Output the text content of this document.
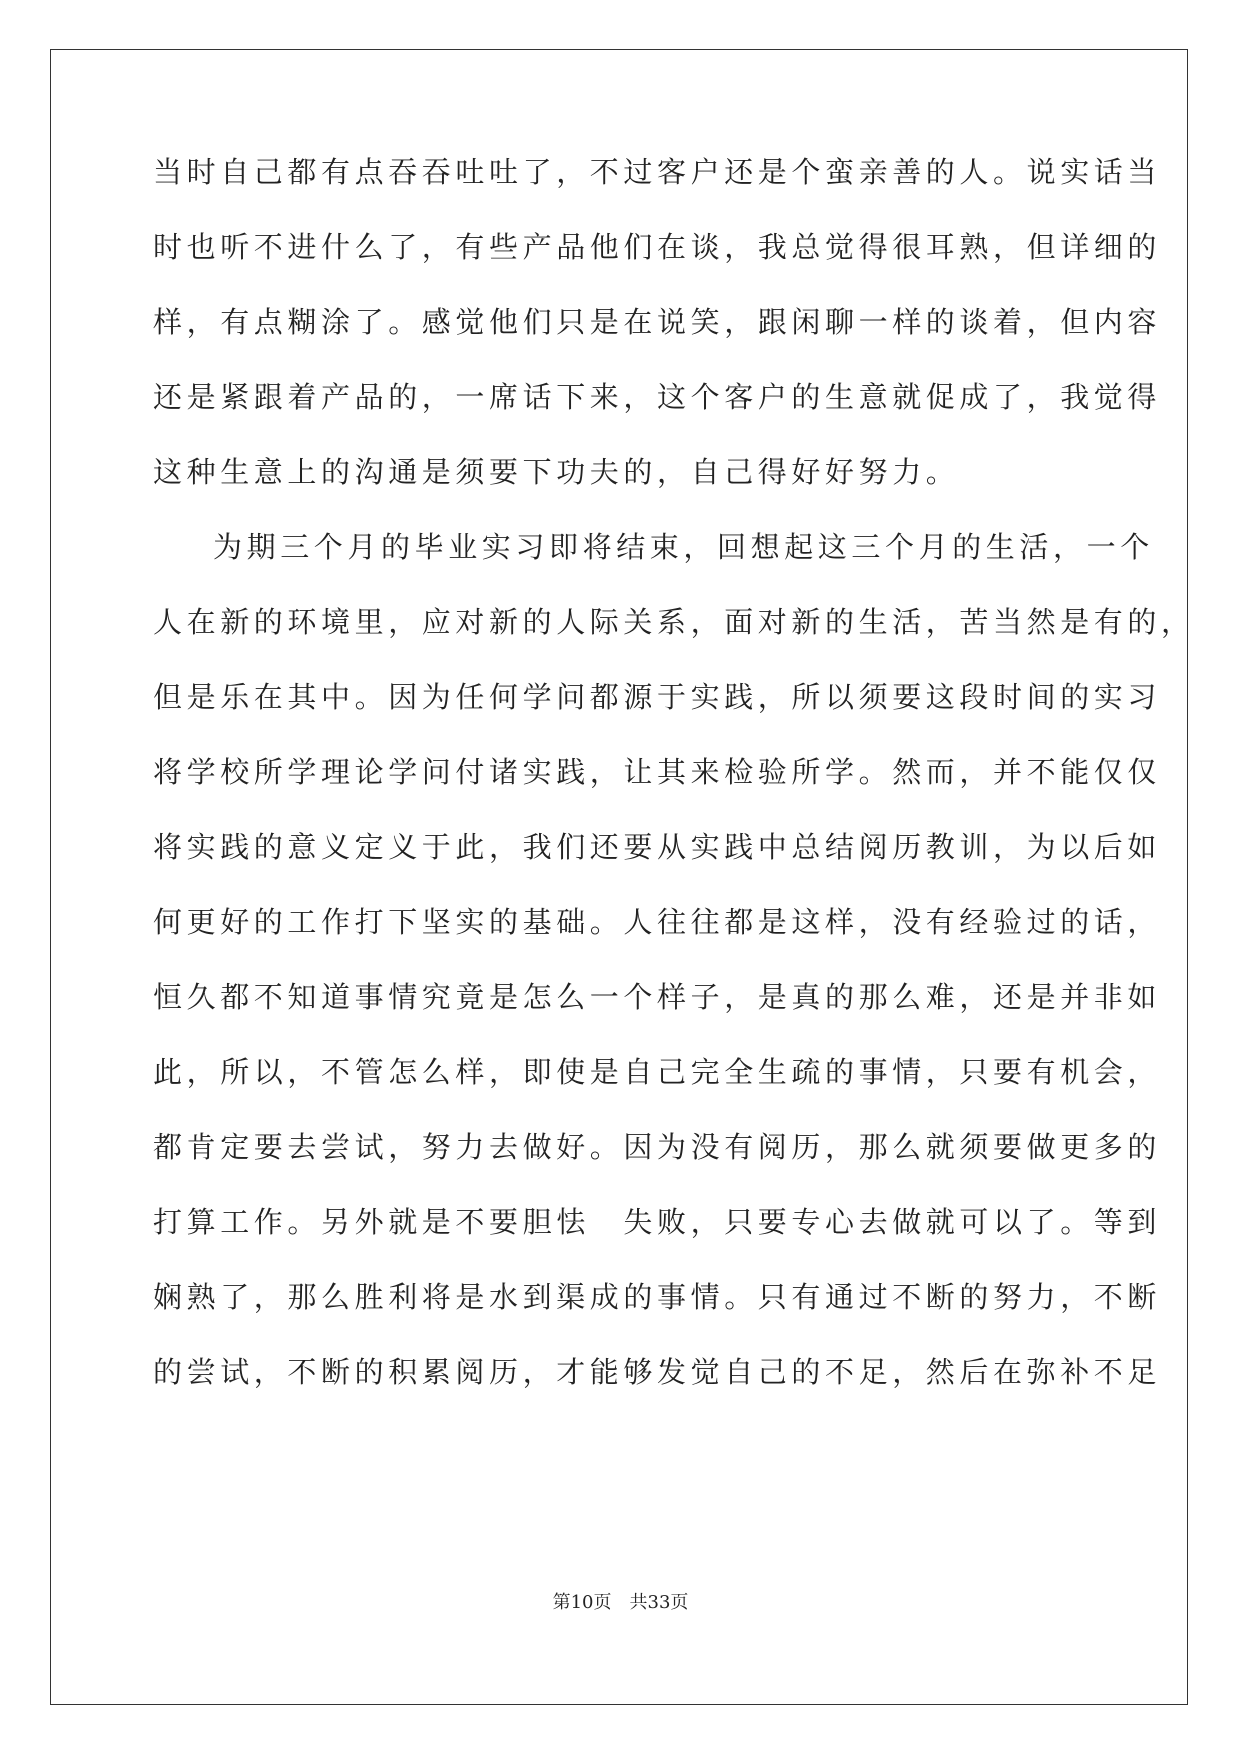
当时自己都有点吞吞吐吐了，不过客户还是个蛮亲善的人。说实话当
时也听不进什么了，有些产品他们在谈，我总觉得很耳熟，但详细的
样，有点糊涂了。感觉他们只是在说笑，跟闲聊一样的谈着，但内容
还是紧跟着产品的，一席话下来，这个客户的生意就促成了，我觉得
这种生意上的沟通是须要下功夫的，自己得好好努力。
为期三个月的毕业实习即将结束，回想起这三个月的生活，一个
人在新的环境里，应对新的人际关系，面对新的生活，苦当然是有的，
但是乐在其中。因为任何学问都源于实践，所以须要这段时间的实习
将学校所学理论学问付诸实践，让其来检验所学。然而，并不能仅仅
将实践的意义定义于此，我们还要从实践中总结阅历教训，为以后如
何更好的工作打下坚实的基础。人往往都是这样，没有经验过的话，
恒久都不知道事情究竟是怎么一个样子，是真的那么难，还是并非如
此，所以，不管怎么样，即使是自己完全生疏的事情，只要有机会，
都肯定要去尝试，努力去做好。因为没有阅历，那么就须要做更多的
打算工作。另外就是不要胆怯　失败，只要专心去做就可以了。等到
娴熟了，那么胜利将是水到渠成的事情。只有通过不断的努力，不断
的尝试，不断的积累阅历，才能够发觉自己的不足，然后在弥补不足
第10页　共33页
